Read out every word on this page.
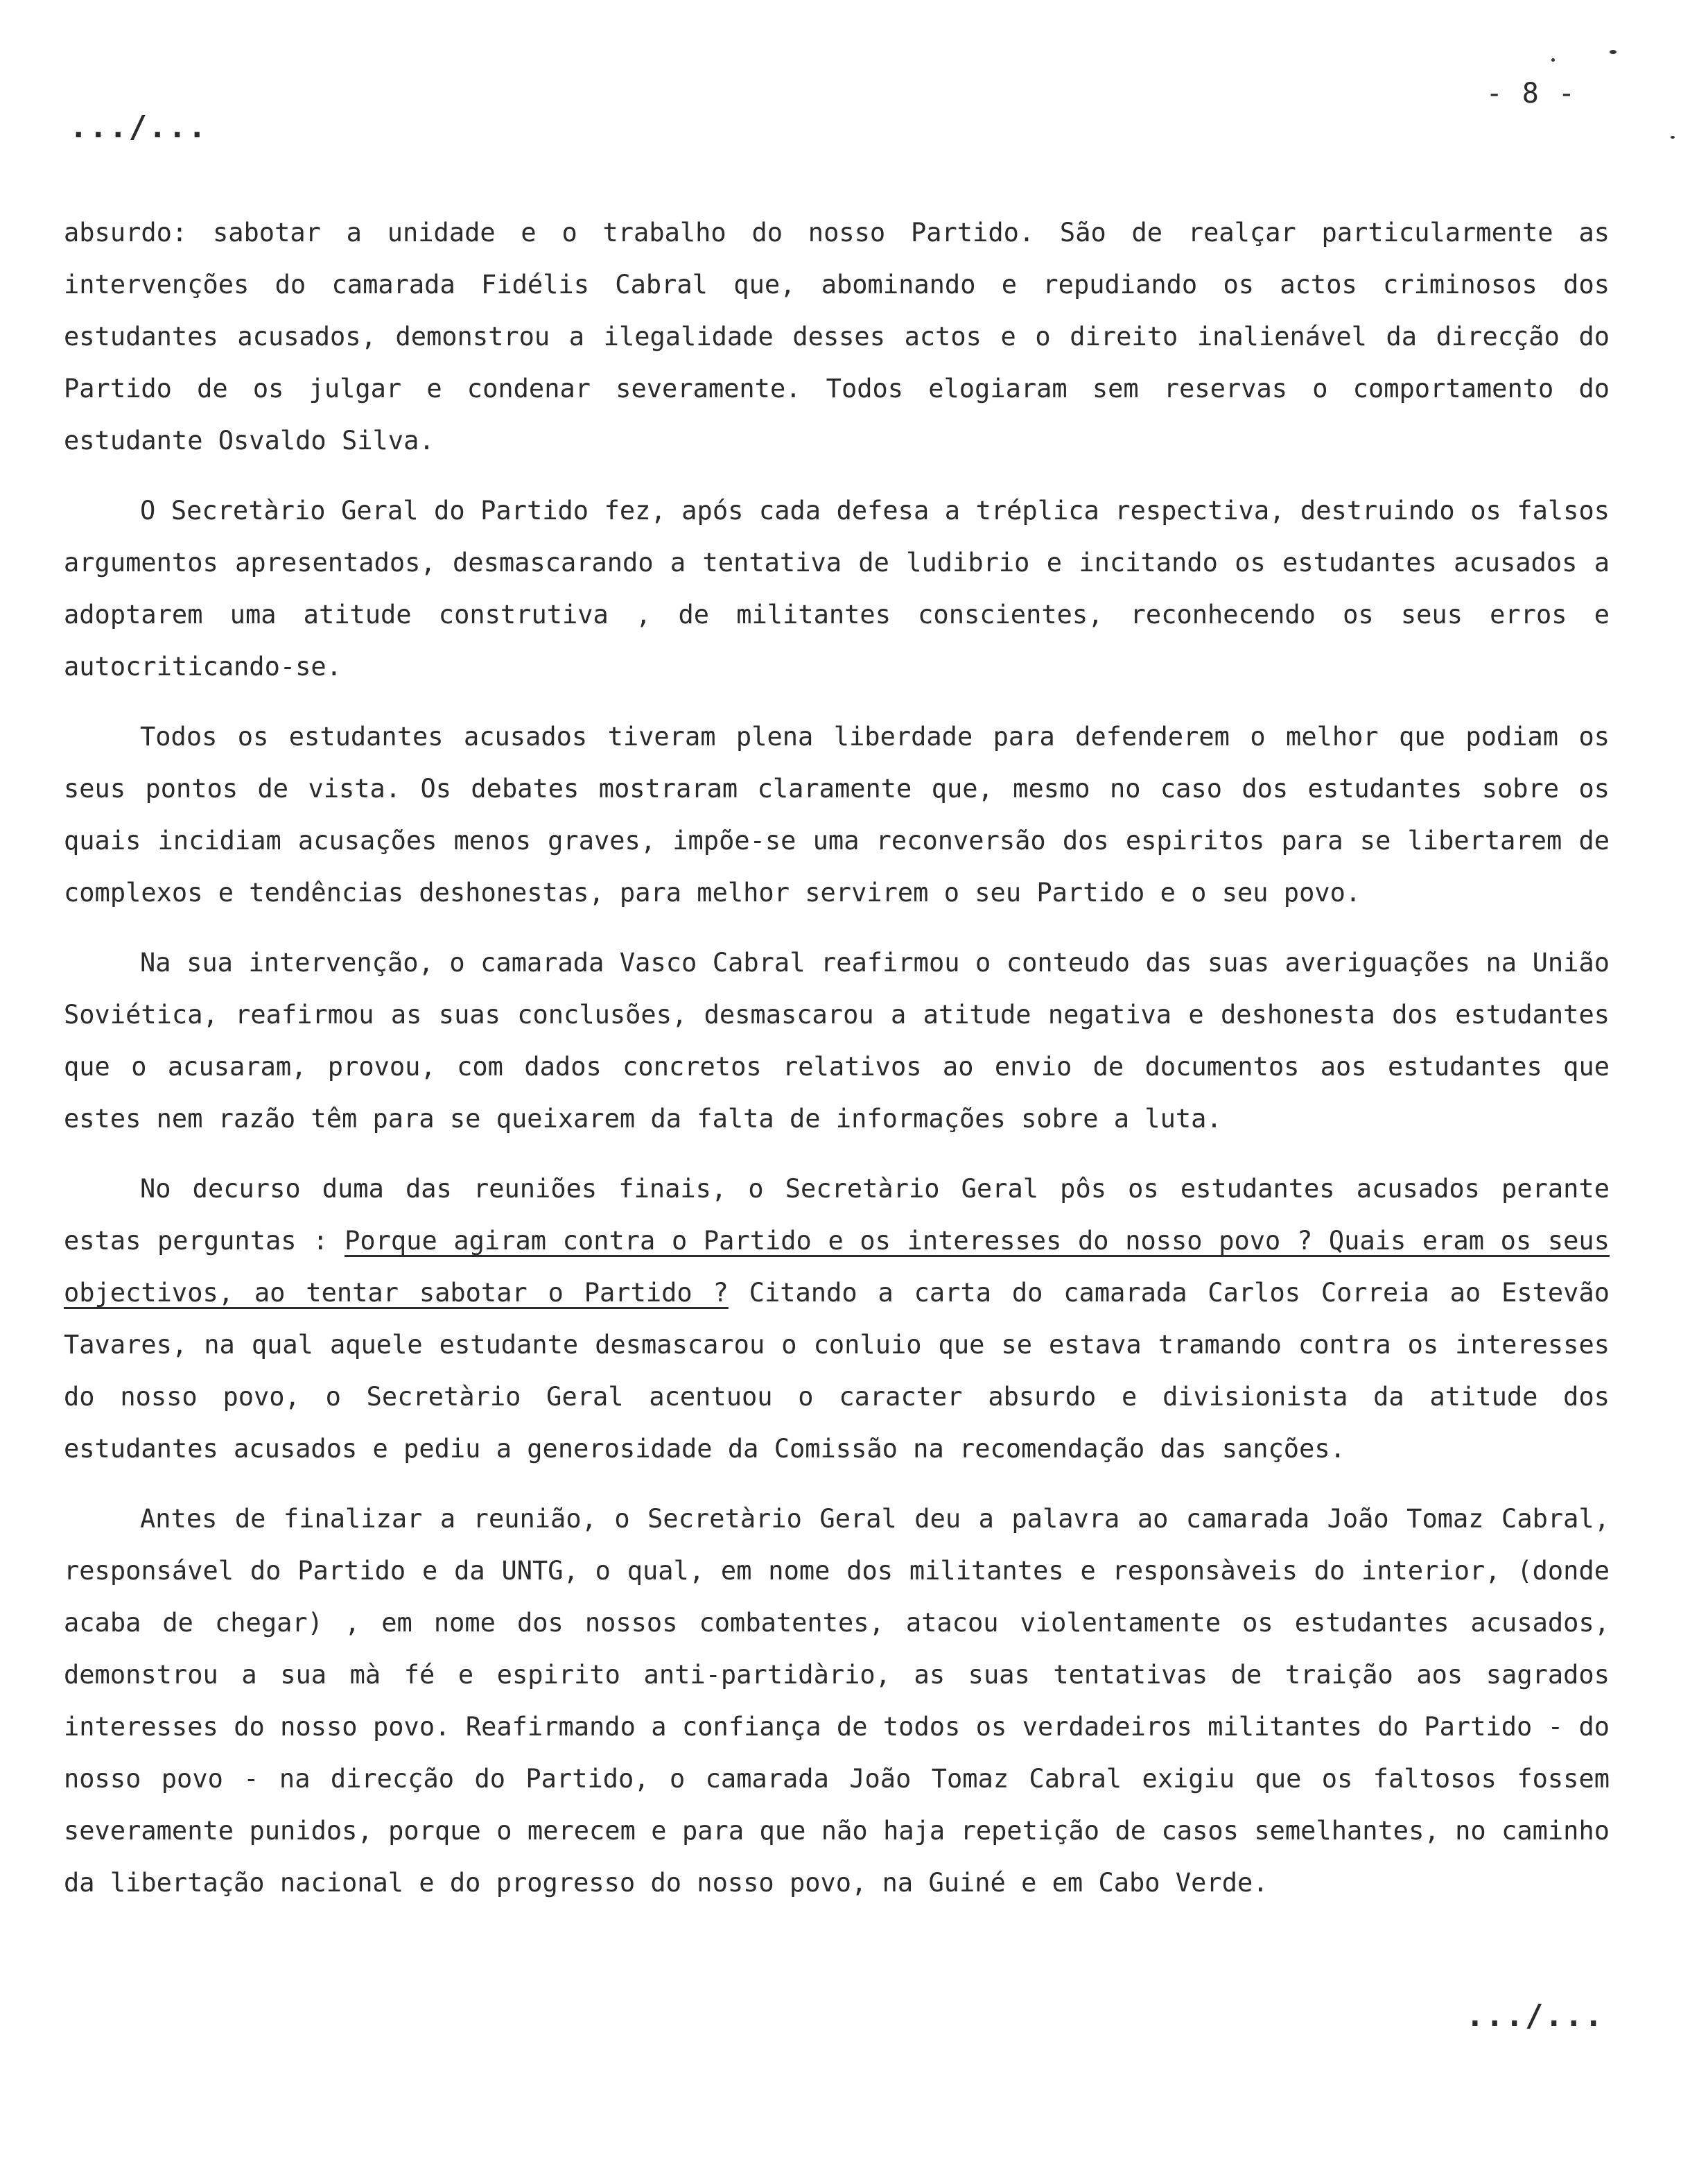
- 8 -
.../...

absurdo: sabotar a unidade e o trabalho do nosso Partido. São de realçar particularmente as intervenções do camarada Fidélis Cabral que, abominando e repudiando os actos criminosos dos estudantes acusados, demonstrou a ilegalidade desses actos e o direito inalienável da direcção do Partido de os julgar e condenar severamente. Todos elogiaram sem reservas o comportamento do estudante Osvaldo Silva.

O Secretàrio Geral do Partido fez, após cada defesa a tréplica respectiva, destruindo os falsos argumentos apresentados, desmascarando a tentativa de ludibrio e incitando os estudantes acusados a adoptarem uma atitude construtiva , de militantes conscientes, reconhecendo os seus erros e autocriticando-se.

Todos os estudantes acusados tiveram plena liberdade para defenderem o melhor que podiam os seus pontos de vista. Os debates mostraram claramente que, mesmo no caso dos estudantes sobre os quais incidiam acusações menos graves, impõe-se uma reconversão dos espiritos para se libertarem de complexos e tendências deshonestas, para melhor servirem o seu Partido e o seu povo.

Na sua intervenção, o camarada Vasco Cabral reafirmou o conteudo das suas averiguações na União Soviética, reafirmou as suas conclusões, desmascarou a atitude negativa e deshonesta dos estudantes que o acusaram, provou, com dados concretos relativos ao envio de documentos aos estudantes que estes nem razão têm para se queixarem da falta de informações sobre a luta.

No decurso duma das reuniões finais, o Secretàrio Geral pôs os estudantes acusados perante estas perguntas : Porque agiram contra o Partido e os interesses do nosso povo ? Quais eram os seus objectivos, ao tentar sabotar o Partido ? Citando a carta do camarada Carlos Correia ao Estevão Tavares, na qual aquele estudante desmascarou o conluio que se estava tramando contra os interesses do nosso povo, o Secretàrio Geral acentuou o caracter absurdo e divisionista da atitude dos estudantes acusados e pediu a generosidade da Comissão na recomendação das sanções.

Antes de finalizar a reunião, o Secretàrio Geral deu a palavra ao camarada João Tomaz Cabral, responsável do Partido e da UNTG, o qual, em nome dos militantes e responsàveis do interior, (donde acaba de chegar) , em nome dos nossos combatentes, atacou violentamente os estudantes acusados, demonstrou a sua mà fé e espirito anti-partidàrio, as suas tentativas de traição aos sagrados interesses do nosso povo. Reafirmando a confiança de todos os verdadeiros militantes do Partido - do nosso povo - na direcção do Partido, o camarada João Tomaz Cabral exigiu que os faltosos fossem severamente punidos, porque o merecem e para que não haja repetição de casos semelhantes, no caminho da libertação nacional e do progresso do nosso povo, na Guiné e em Cabo Verde.

.../...
